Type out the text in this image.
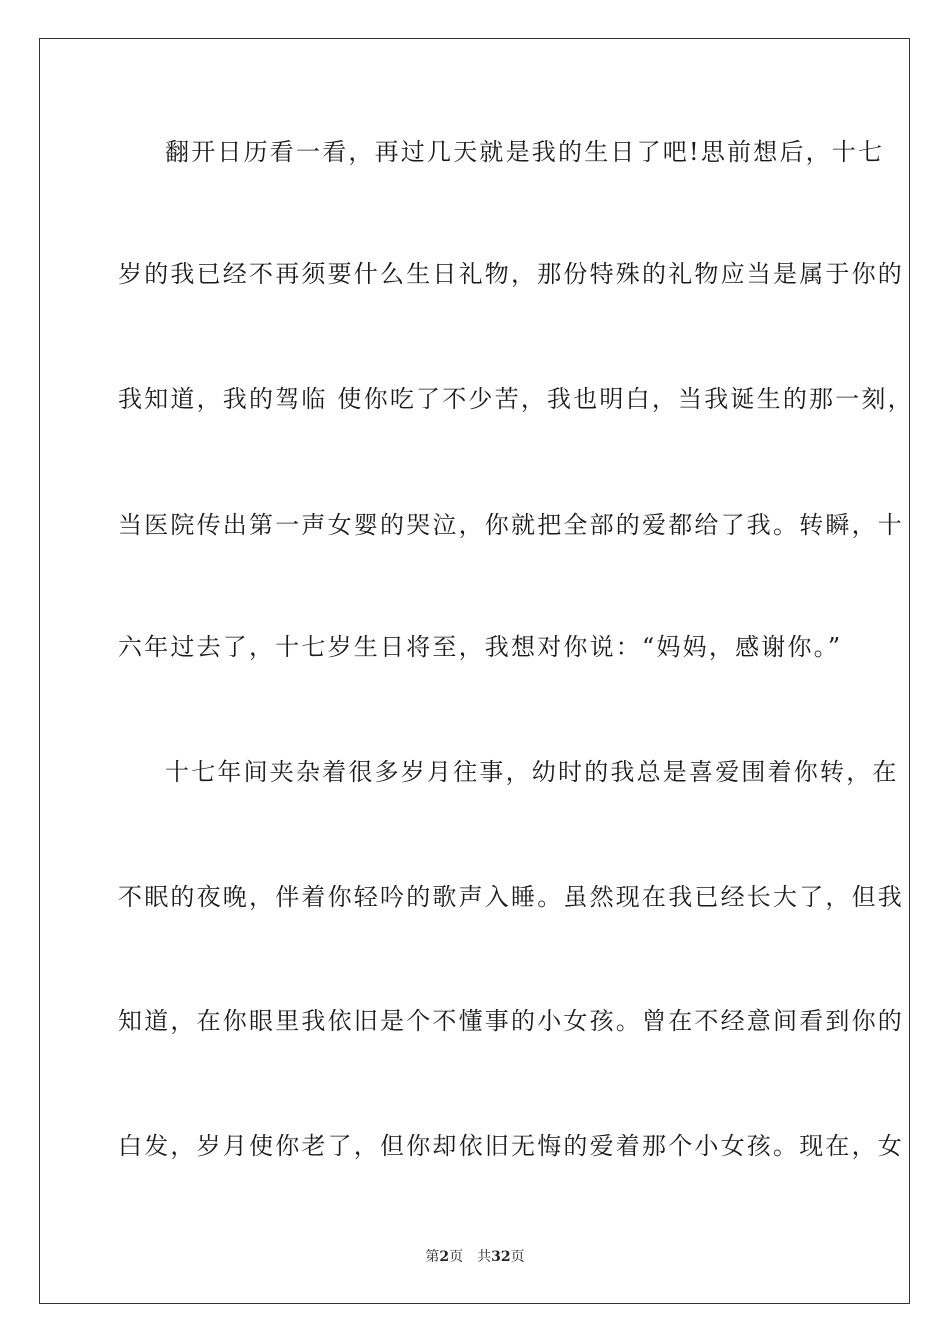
翻开日历看一看，再过几天就是我的生日了吧!思前想后，十七
岁的我已经不再须要什么生日礼物，那份特殊的礼物应当是属于你的
我知道，我的驾临 使你吃了不少苦，我也明白，当我诞生的那一刻，
当医院传出第一声女婴的哭泣，你就把全部的爱都给了我。转瞬，十
六年过去了，十七岁生日将至，我想对你说：“妈妈，感谢你。”
十七年间夹杂着很多岁月往事，幼时的我总是喜爱围着你转，在
不眠的夜晚，伴着你轻吟的歌声入睡。虽然现在我已经长大了，但我
知道，在你眼里我依旧是个不懂事的小女孩。曾在不经意间看到你的
白发，岁月使你老了，但你却依旧无悔的爱着那个小女孩。现在，女
第2页 共32页
